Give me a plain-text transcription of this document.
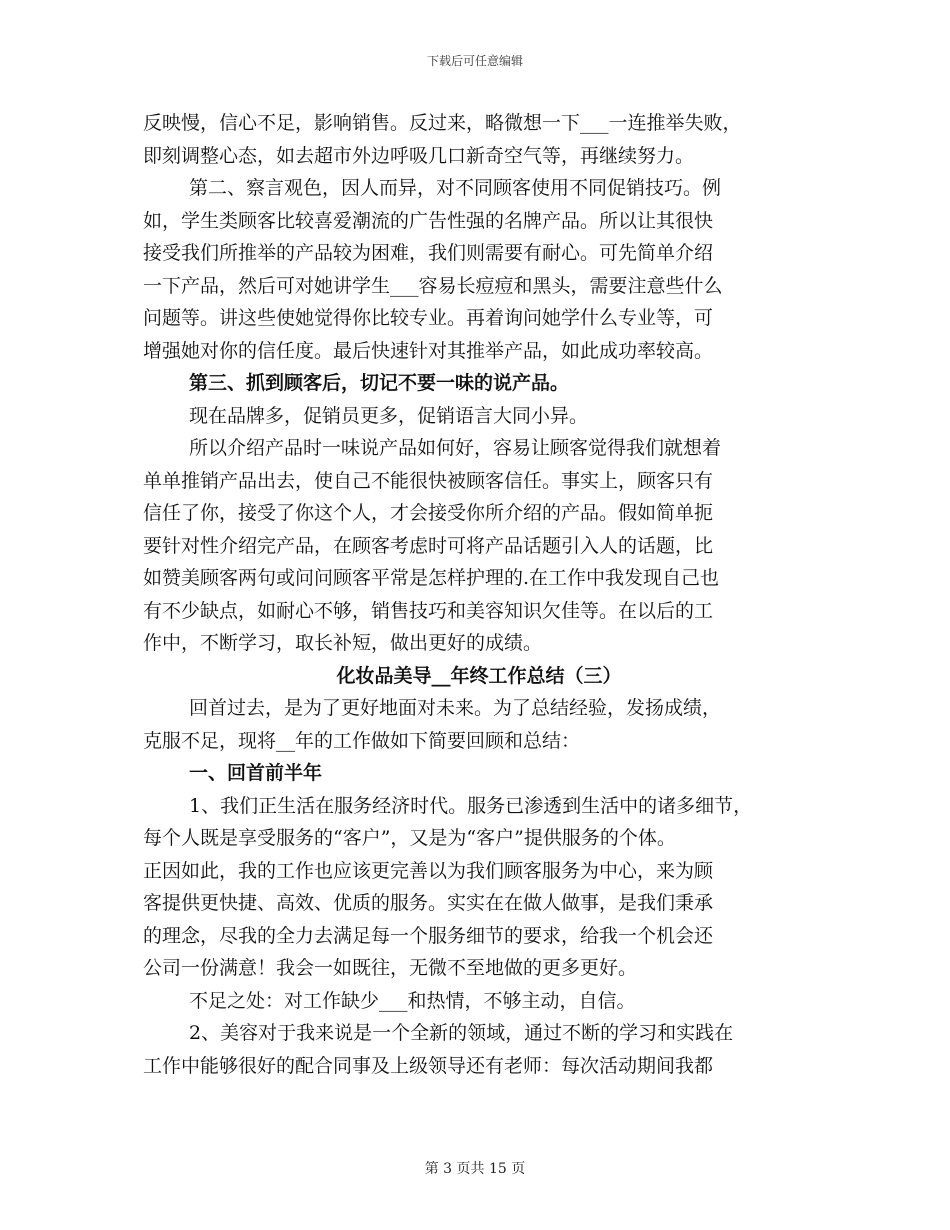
下载后可任意编辑
反映慢，信心不足，影响销售。反过来，略微想一下___一连推举失败，
即刻调整心态，如去超市外边呼吸几口新奇空气等，再继续努力。
第二、察言观色，因人而异，对不同顾客使用不同促销技巧。例
如，学生类顾客比较喜爱潮流的广告性强的名牌产品。所以让其很快
接受我们所推举的产品较为困难，我们则需要有耐心。可先简单介绍
一下产品，然后可对她讲学生___容易长痘痘和黑头，需要注意些什么
问题等。讲这些使她觉得你比较专业。再着询问她学什么专业等，可
增强她对你的信任度。最后快速针对其推举产品，如此成功率较高。
第三、抓到顾客后，切记不要一味的说产品。
现在品牌多，促销员更多，促销语言大同小异。
所以介绍产品时一味说产品如何好，容易让顾客觉得我们就想着
单单推销产品出去，使自己不能很快被顾客信任。事实上，顾客只有
信任了你，接受了你这个人，才会接受你所介绍的产品。假如简单扼
要针对性介绍完产品，在顾客考虑时可将产品话题引入人的话题，比
如赞美顾客两句或问问顾客平常是怎样护理的.在工作中我发现自己也
有不少缺点，如耐心不够，销售技巧和美容知识欠佳等。在以后的工
作中，不断学习，取长补短，做出更好的成绩。
化妆品美导__年终工作总结（三）
回首过去，是为了更好地面对未来。为了总结经验，发扬成绩，
克服不足，现将__年的工作做如下简要回顾和总结：
一、回首前半年
1、我们正生活在服务经济时代。服务已渗透到生活中的诸多细节，
每个人既是享受服务的“客户”，又是为“客户”提供服务的个体。
正因如此，我的工作也应该更完善以为我们顾客服务为中心，来为顾
客提供更快捷、高效、优质的服务。实实在在做人做事，是我们秉承
的理念，尽我的全力去满足每一个服务细节的要求，给我一个机会还
公司一份满意！我会一如既往，无微不至地做的更多更好。
不足之处：对工作缺少___和热情，不够主动，自信。
2、美容对于我来说是一个全新的领域，通过不断的学习和实践在
工作中能够很好的配合同事及上级领导还有老师：每次活动期间我都
第 3 页共 15 页
